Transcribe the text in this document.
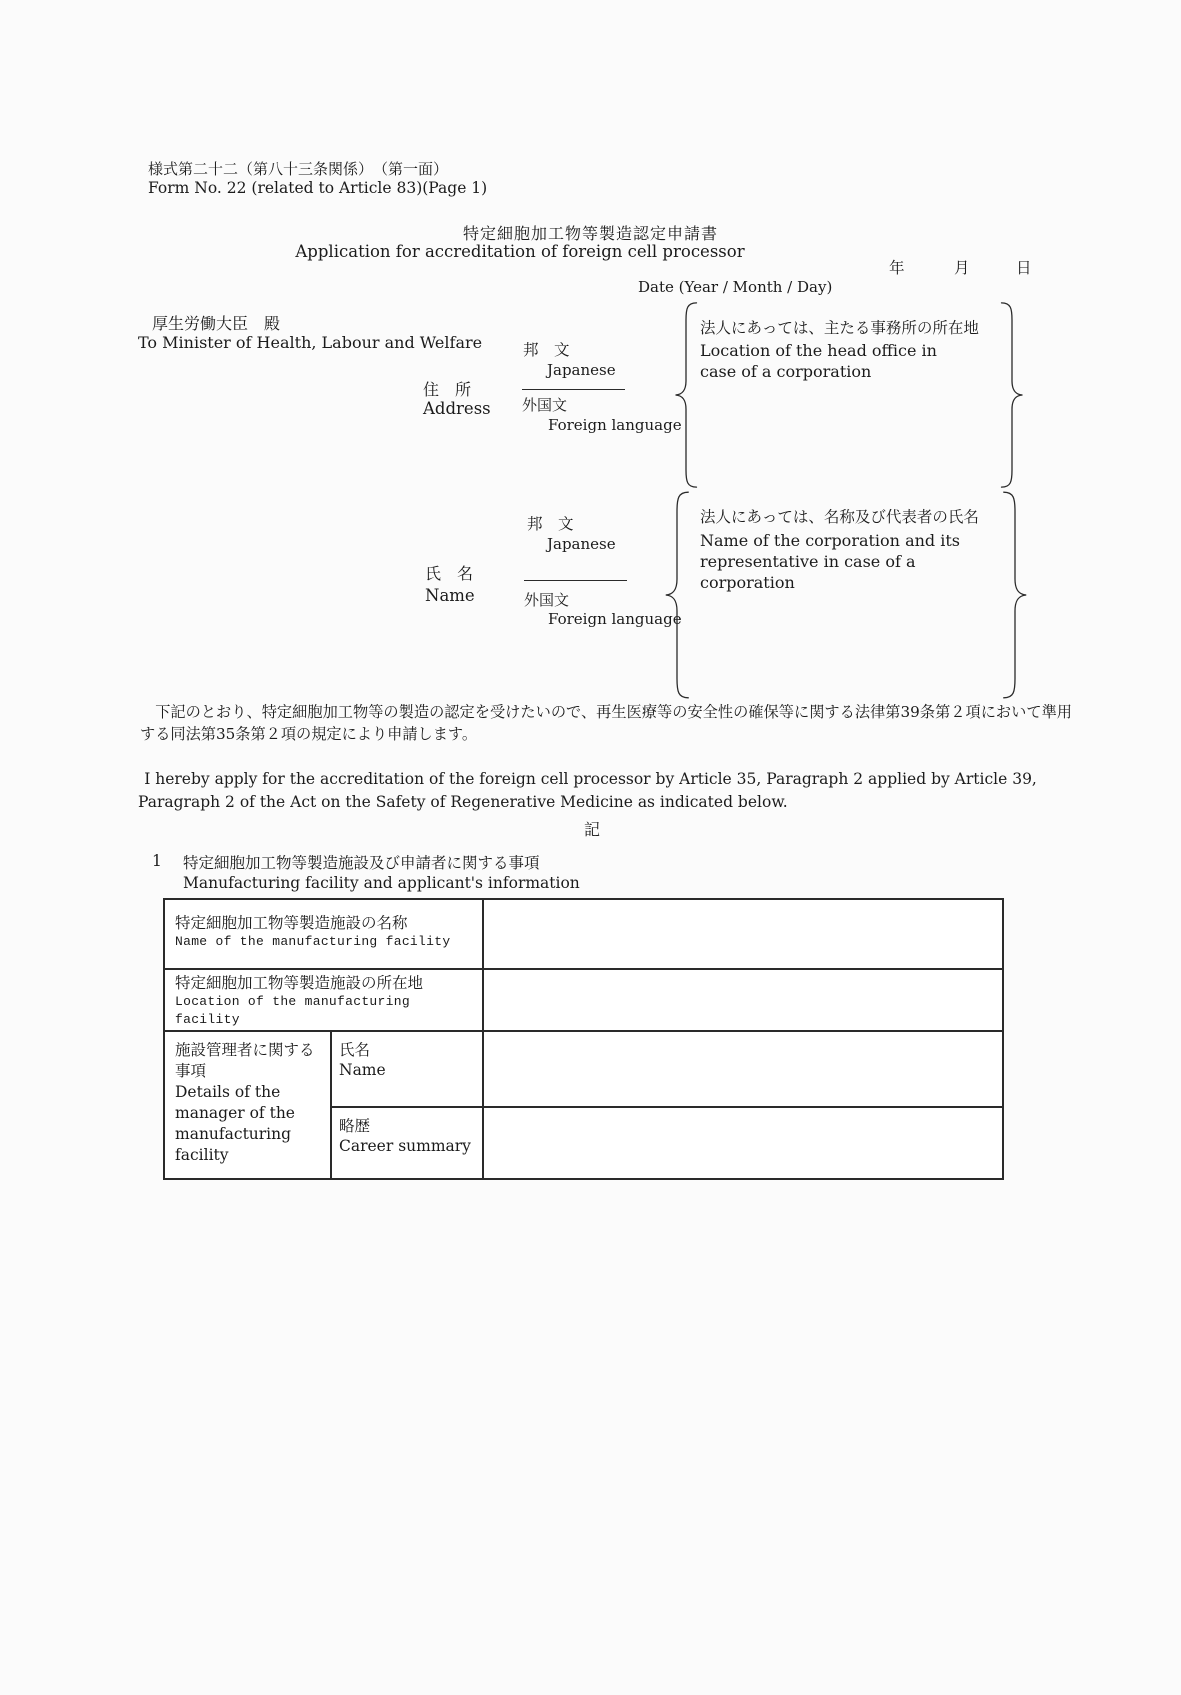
様式第二十二（第八十三条関係）　（第一面）
Form No. 22 (related to Article 83)(Page 1)
特定細胞加工物等製造認定申請書
Application for accreditation of foreign cell processor
年	月	日
Date (Year / Month / Day)
厚生労働大臣　殿
To Minister of Health, Labour and Welfare
住　所
Address
邦　文
Japanese
外国文
Foreign language
法人にあっては、主たる事務所の所在地
Location of the head office in case of a corporation
氏　名
Name
邦　文
Japanese
外国文
Foreign language
法人にあっては、名称及び代表者の氏名
Name of the corporation and its representative in case of a corporation
下記のとおり、特定細胞加工物等の製造の認定を受けたいので、再生医療等の安全性の確保等に関する法律第39条第２項において準用する同法第35条第２項の規定により申請します。
I hereby apply for the accreditation of the foreign cell processor by Article 35, Paragraph 2 applied by Article 39, Paragraph 2 of the Act on the Safety of Regenerative Medicine as indicated below.
記
1 特定細胞加工物等製造施設及び申請者に関する事項
Manufacturing facility and applicant's information
特定細胞加工物等製造施設の名称
Name of the manufacturing facility
特定細胞加工物等製造施設の所在地
Location of the manufacturing facility
施設管理者に関する事項
Details of the manager of the manufacturing facility
氏名
Name
略歴
Career summary
